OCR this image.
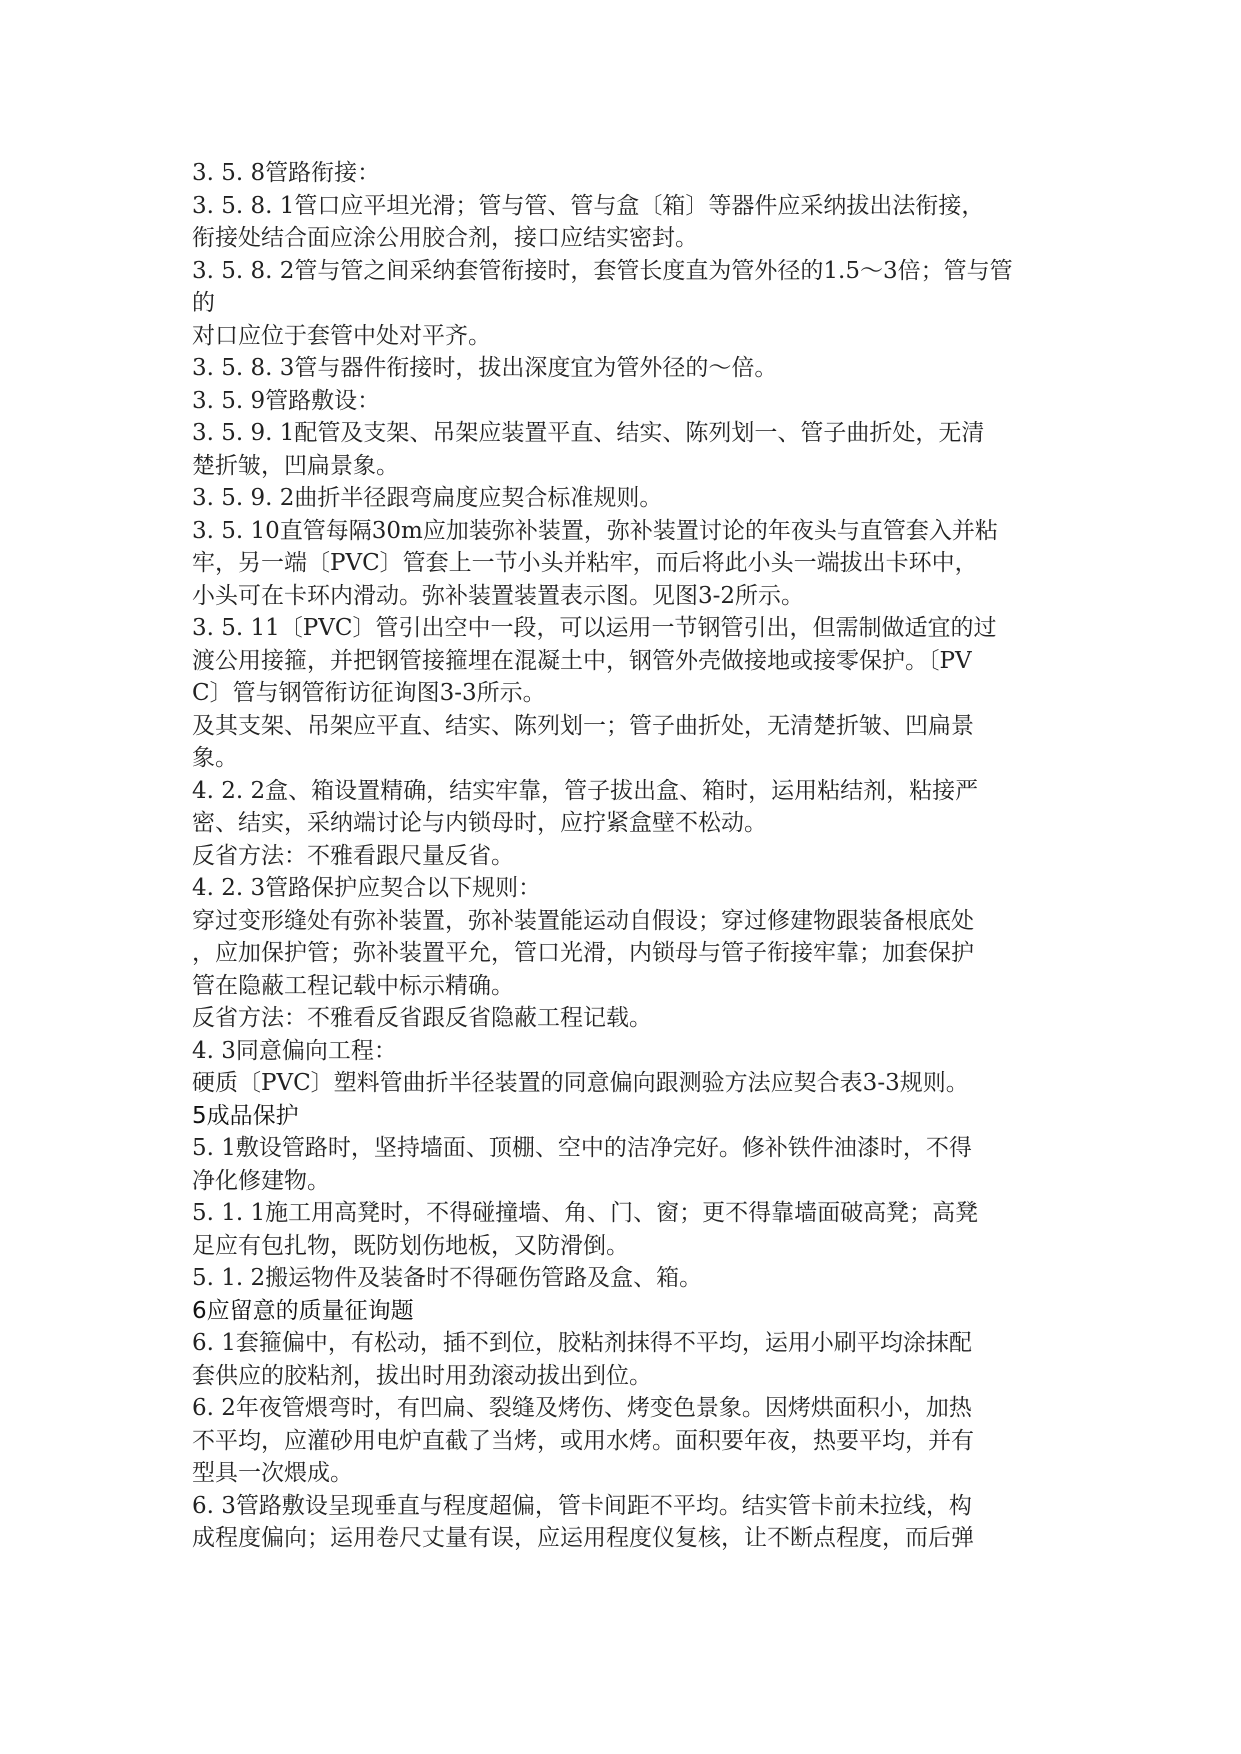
3. 5. 8管路衔接：
3. 5. 8. 1管口应平坦光滑；管与管、管与盒〔箱〕等器件应采纳拔出法衔接，
衔接处结合面应涂公用胶合剂，接口应结实密封。
3. 5. 8. 2管与管之间采纳套管衔接时，套管长度直为管外径的1.5～3倍；管与管
的
对口应位于套管中处对平齐。
3. 5. 8. 3管与器件衔接时，拔出深度宜为管外径的～倍。
3. 5. 9管路敷设：
3. 5. 9. 1配管及支架、吊架应装置平直、结实、陈列划一、管子曲折处，无清
楚折皱，凹扁景象。
3. 5. 9. 2曲折半径跟弯扁度应契合标准规则。
3. 5. 10直管每隔30m应加装弥补装置，弥补装置讨论的年夜头与直管套入并粘
牢，另一端〔PVC〕管套上一节小头并粘牢，而后将此小头一端拔出卡环中，
小头可在卡环内滑动。弥补装置装置表示图。见图3-2所示。
3. 5. 11〔PVC〕管引出空中一段，可以运用一节钢管引出，但需制做适宜的过
渡公用接箍，并把钢管接箍埋在混凝土中，钢管外壳做接地或接零保护。〔PV
C〕管与钢管衔访征询图3-3所示。
及其支架、吊架应平直、结实、陈列划一；管子曲折处，无清楚折皱、凹扁景
象。
4. 2. 2盒、箱设置精确，结实牢靠，管子拔出盒、箱时，运用粘结剂，粘接严
密、结实，采纳端讨论与内锁母时，应拧紧盒壁不松动。
反省方法：不雅看跟尺量反省。
4. 2. 3管路保护应契合以下规则：
穿过变形缝处有弥补装置，弥补装置能运动自假设；穿过修建物跟装备根底处
，应加保护管；弥补装置平允，管口光滑，内锁母与管子衔接牢靠；加套保护
管在隐蔽工程记载中标示精确。
反省方法：不雅看反省跟反省隐蔽工程记载。
4. 3同意偏向工程：
硬质〔PVC〕塑料管曲折半径装置的同意偏向跟测验方法应契合表3-3规则。
5成品保护
5. 1敷设管路时，坚持墙面、顶棚、空中的洁净完好。修补铁件油漆时，不得
净化修建物。
5. 1. 1施工用高凳时，不得碰撞墙、角、门、窗；更不得靠墙面破高凳；高凳
足应有包扎物，既防划伤地板，又防滑倒。
5. 1. 2搬运物件及装备时不得砸伤管路及盒、箱。
6应留意的质量征询题
6. 1套箍偏中，有松动，插不到位，胶粘剂抹得不平均，运用小刷平均涂抹配
套供应的胶粘剂，拔出时用劲滚动拔出到位。
6. 2年夜管煨弯时，有凹扁、裂缝及烤伤、烤变色景象。因烤烘面积小，加热
不平均，应灌砂用电炉直截了当烤，或用水烤。面积要年夜，热要平均，并有
型具一次煨成。
6. 3管路敷设呈现垂直与程度超偏，管卡间距不平均。结实管卡前未拉线，构
成程度偏向；运用卷尺丈量有误，应运用程度仪复核，让不断点程度，而后弹
